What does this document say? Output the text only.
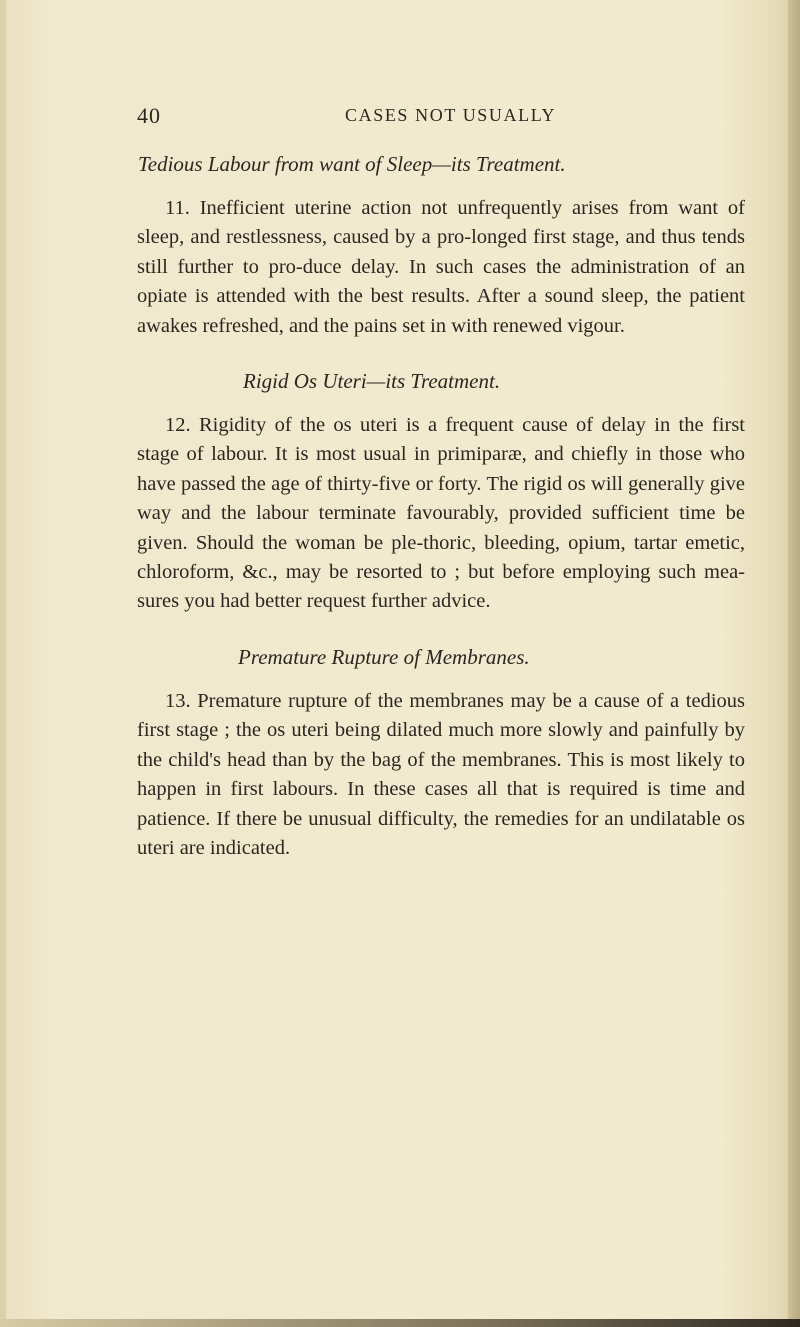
40	CASES NOT USUALLY
Tedious Labour from want of Sleep—its Treatment.

11. Inefficient uterine action not unfrequently arises from want of sleep, and restlessness, caused by a pro-longed first stage, and thus tends still further to pro-duce delay. In such cases the administration of an opiate is attended with the best results. After a sound sleep, the patient awakes refreshed, and the pains set in with renewed vigour.

Rigid Os Uteri—its Treatment.

12. Rigidity of the os uteri is a frequent cause of delay in the first stage of labour. It is most usual in primiparæ, and chiefly in those who have passed the age of thirty-five or forty. The rigid os will generally give way and the labour terminate favourably, provided sufficient time be given. Should the woman be ple-thoric, bleeding, opium, tartar emetic, chloroform, &c., may be resorted to ; but before employing such mea-sures you had better request further advice.

Premature Rupture of Membranes.

13. Premature rupture of the membranes may be a cause of a tedious first stage ; the os uteri being dilated much more slowly and painfully by the child's head than by the bag of the membranes. This is most likely to happen in first labours. In these cases all that is required is time and patience. If there be unusual difficulty, the remedies for an undilatable os uteri are indicated.
